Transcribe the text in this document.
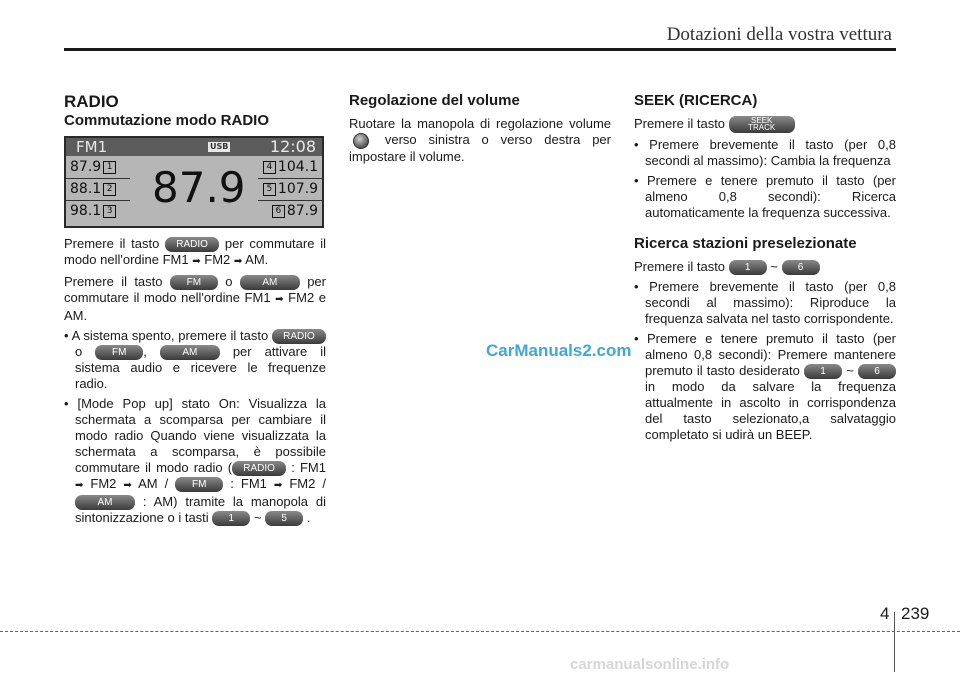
Dotazioni della vostra vettura
RADIO
Commutazione modo RADIO
FM1	USB	12:08
87.9
87.9 1
88.1 2
98.1 3
4 104.1
5 107.9
6 87.9

Premere il tasto RADIO per commutare il modo nell'ordine FM1 ➡ FM2 ➡ AM.

Premere il tasto FM o	AM per commutare il modo nell'ordine FM1 ➡ FM2 e AM.

• A sistema spento, premere il tasto RADIO o	FM ,	AM	per attivare il sistema audio e ricevere le frequenze radio.

• [Mode Pop up] stato On: Visualizza la schermata a scomparsa per cambiare il modo radio Quando viene visualizzata la schermata a scomparsa, è possibile commutare il modo radio ( RADIO : FM1 ➡ FM2 ➡ AM / FM : FM1 ➡ FM2 / AM : AM) tramite la manopola di sintonizzazione o i tasti 1 ~ 5 .

Regolazione del volume

Ruotare la manopola di regolazione volume  verso sinistra o verso destra per impostare il volume.

SEEK (RICERCA)

Premere il tasto	SEEK
TRACK

• Premere brevemente il tasto (per 0,8 secondi al massimo): Cambia la frequenza

• Premere e tenere premuto il tasto (per almeno 0,8 secondi): Ricerca automaticamente la frequenza successiva.

Ricerca stazioni preselezionate

Premere il tasto 1 ~ 6

• Premere brevemente il tasto (per 0,8 secondi al massimo): Riproduce la frequenza salvata nel tasto corrispondente.

• Premere e tenere premuto il tasto (per almeno 0,8 secondi): Premere mantenere premuto il tasto desiderato 1 ~ 6 in modo da salvare la frequenza attualmente in ascolto in corrispondenza del tasto selezionato,a salvataggio completato si udirà un BEEP.

CarManuals2.com
4 239
carmanualsonline.info
